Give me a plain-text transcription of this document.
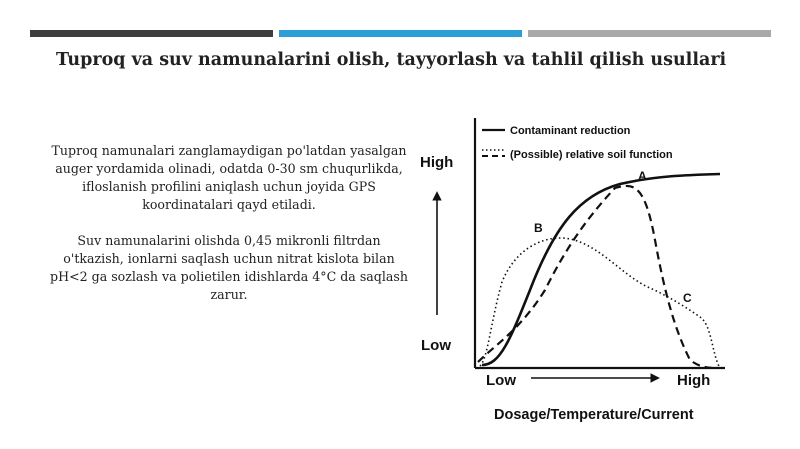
Tuproq va suv namunalarini olish, tayyorlash va tahlil qilish usullari

Tuproq namunalari zanglamaydigan po'latdan yasalgan auger yordamida olinadi, odatda 0-30 sm chuqurlikda, ifloslanish profilini aniqlash uchun joyida GPS koordinatalari qayd etiladi.

Suv namunalarini olishda 0,45 mikronli filtrdan o'tkazish, ionlarni saqlash uchun nitrat kislota bilan pH<2 ga sozlash va polietilen idishlarda 4°C da saqlash zarur.

High
Low
Low	High
Dosage/Temperature/Current
Contaminant reduction
(Possible) relative soil function
A
B
C
